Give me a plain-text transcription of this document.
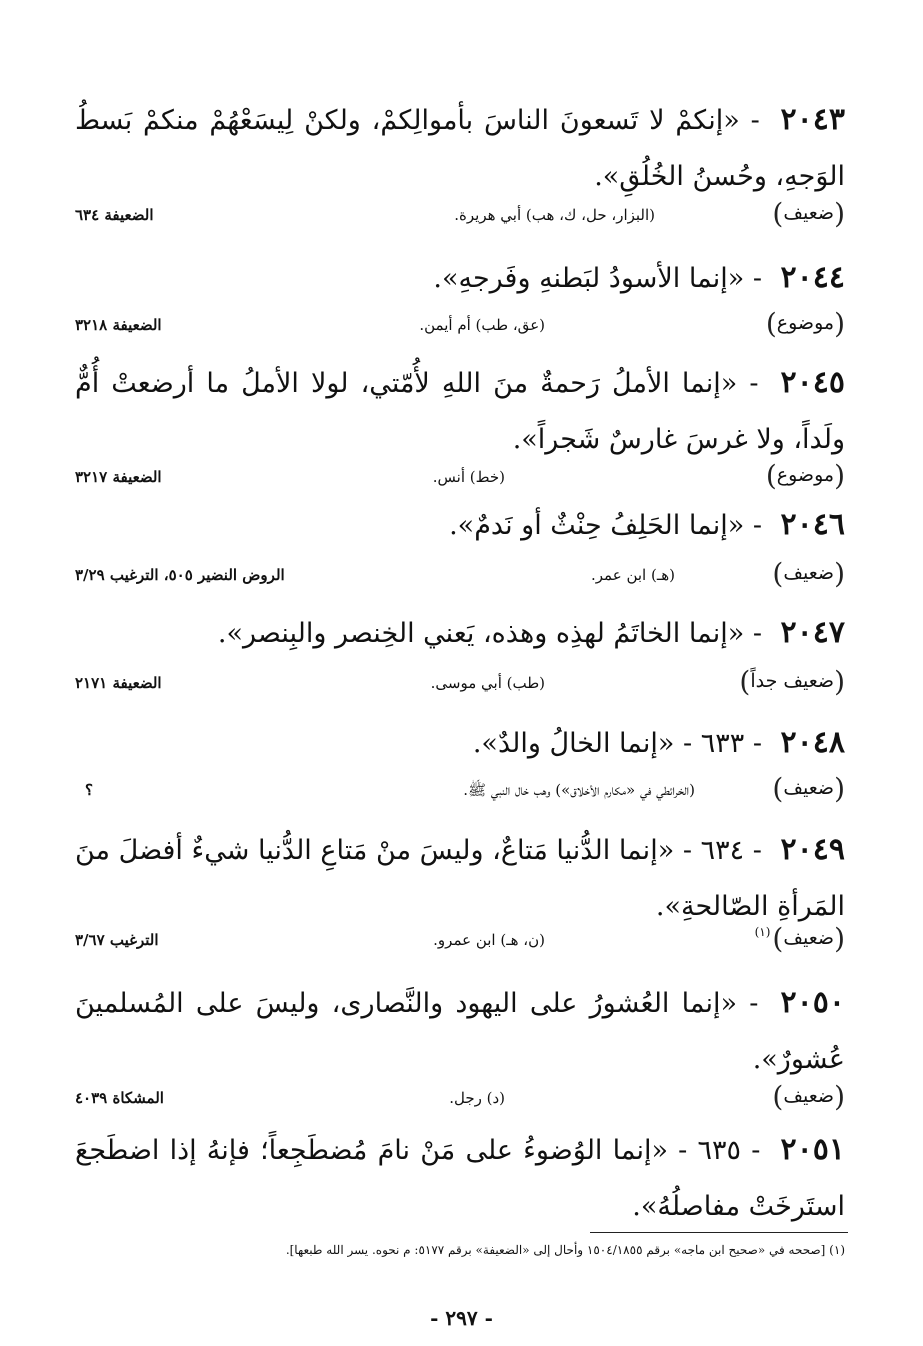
٢٠٤٣ - «إنكمْ لا تَسعونَ الناسَ بأموالِكمْ، ولكنْ لِيسَعْهُمْ منكمْ بَسطُ الوَجهِ، وحُسنُ الخُلُقِ».
(ضعيف)
(البزار، حل، ك، هب) أبي هريرة.
الضعيفة ٦٣٤
٢٠٤٤ - «إنما الأسودُ لبَطنهِ وفَرجهِ».
(موضوع)
(عق، طب) أم أيمن.
الضعيفة ٣٢١٨
٢٠٤٥ - «إنما الأملُ رَحمةٌ منَ اللهِ لأُمّتي، لولا الأملُ ما أرضعتْ أُمٌّ ولَداً، ولا غرسَ غارسٌ شَجراً».
(موضوع)
(خط) أنس.
الضعيفة ٣٢١٧
٢٠٤٦ - «إنما الحَلِفُ حِنْثٌ أو نَدمٌ».
(ضعيف)
(هـ) ابن عمر.
الروض النضير ٥٠٥، الترغيب ٣/٢٩
٢٠٤٧ - «إنما الخاتَمُ لهذِه وهذه، يَعني الخِنصر والبِنصر».
(ضعيف جداً)
(طب) أبي موسى.
الضعيفة ٢١٧١
٢٠٤٨ - ٦٣٣ - «إنما الخالُ والدٌ».
(ضعيف)
(الخرائطي في «مكارم الأخلاق») وهب خال النبي ﷺ.
؟
٢٠٤٩ - ٦٣٤ - «إنما الدُّنيا مَتاعٌ، وليسَ منْ مَتاعِ الدُّنيا شيءٌ أفضلَ منَ المَرأةِ الصّالحةِ».
(ضعيف)$^{(١)}$
(ن، هـ) ابن عمرو.
الترغيب ٣/٦٧
٢٠٥٠ - «إنما العُشورُ على اليهود والنَّصارى، وليسَ على المُسلمينَ عُشورٌ».
(ضعيف)
(د) رجل.
المشكاة ٤٠٣٩
٢٠٥١ - ٦٣٥ - «إنما الوُضوءُ على مَنْ نامَ مُضطَجِعاً؛ فإنهُ إذا اضطَجعَ استَرخَتْ مفاصلُهُ».
(١) [صححه في «صحيح ابن ماجه» برقم ١٥٠٤/١٨٥٥ وأحال إلى «الضعيفة» برقم ٥١٧٧: م نحوه. يسر الله طبعها].
- ٢٩٧ -
